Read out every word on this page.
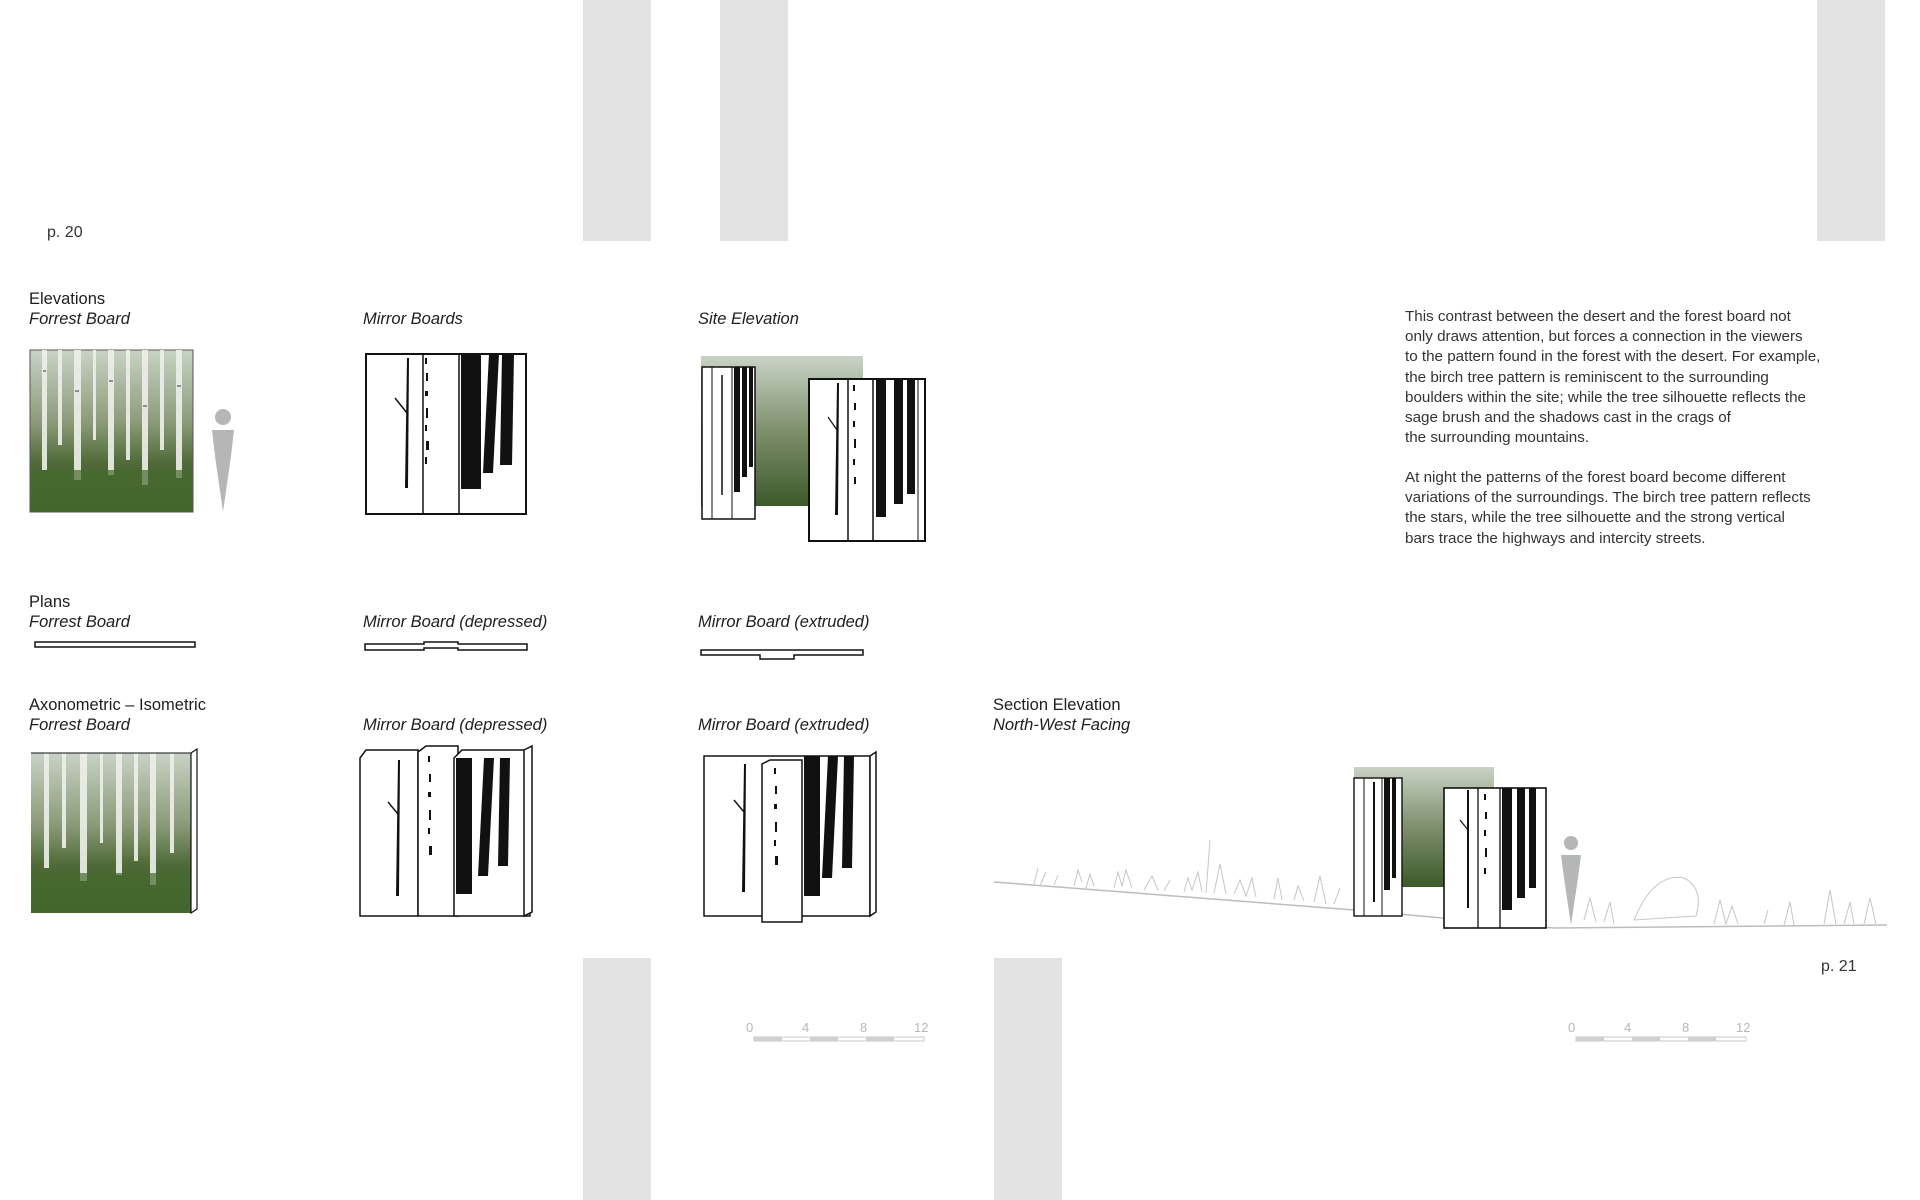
p. 20
p. 21
Elevations
Forrest Board	Mirror Boards	Site Elevation
Plans
Forrest Board	Mirror Board (depressed)	Mirror Board (extruded)
Axonometric – Isometric
Forrest Board	Mirror Board (depressed)	Mirror Board (extruded)
Section Elevation
North-West Facing
This contrast between the desert and the forest board not
only draws attention, but forces a connection in the viewers
to the pattern found in the forest with the desert. For example,
the birch tree pattern is reminiscent to the surrounding
boulders within the site; while the tree silhouette reflects the
sage brush and the shadows cast in the crags of
the surrounding mountains.
At night the patterns of the forest board become different
variations of the surroundings. The birch tree pattern reflects
the stars, while the tree silhouette and the strong vertical
bars trace the highways and intercity streets.
0	4	8	12	0	4	8	12
